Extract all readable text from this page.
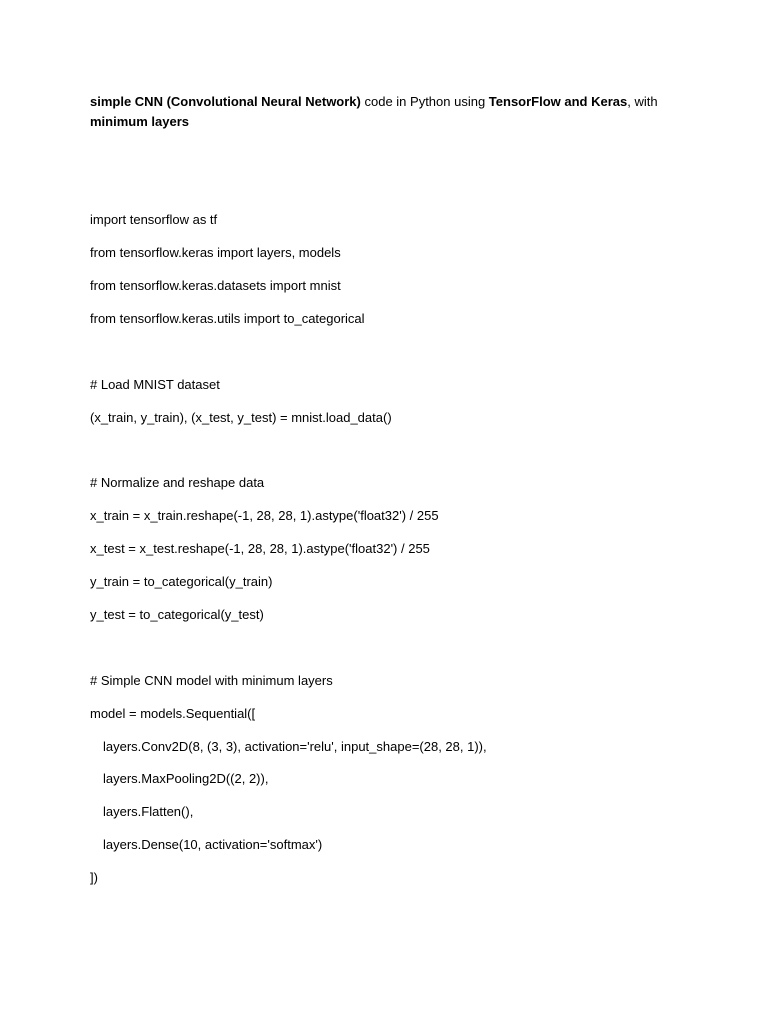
simple CNN (Convolutional Neural Network) code in Python using TensorFlow and Keras, with minimum layers

import tensorflow as tf
from tensorflow.keras import layers, models
from tensorflow.keras.datasets import mnist
from tensorflow.keras.utils import to_categorical
# Load MNIST dataset
(x_train, y_train), (x_test, y_test) = mnist.load_data()
# Normalize and reshape data
x_train = x_train.reshape(-1, 28, 28, 1).astype('float32') / 255
x_test = x_test.reshape(-1, 28, 28, 1).astype('float32') / 255
y_train = to_categorical(y_train)
y_test = to_categorical(y_test)
# Simple CNN model with minimum layers
model = models.Sequential([
layers.Conv2D(8, (3, 3), activation='relu', input_shape=(28, 28, 1)),
layers.MaxPooling2D((2, 2)),
layers.Flatten(),
layers.Dense(10, activation='softmax')
])
